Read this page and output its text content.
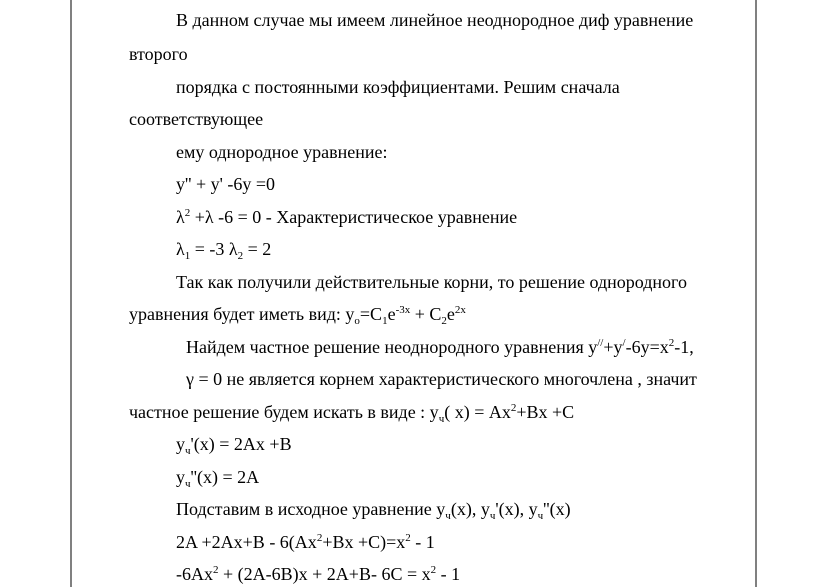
В данном случае мы имеем линейное неоднородное диф уравнение

второго

порядка с постоянными коэффициентами. Решим сначала

соответствующее

ему однородное уравнение:

y'' + y' -6y =0

$\lambda^2 +\lambda$ -6 = 0 - Характеристическое уравнение

$\lambda_1 = -3$ $\lambda_2 = 2$

Так как получили действительные корни, то решение однородного

уравнения будет иметь вид: $y_o=C_1e^{-3x} + C_2e^{2x}$

Найдем частное решение неоднородного уравнения $y^{//}+y^/-6y=x^2-1$,

γ = 0 не является корнем характеристического многочлена , значит

частное решение будем искать в виде : $y_ч$( $x) = Ax^2+Bx +C$

$y_ч'(x) = 2Ax +B$

$y_ч''(x) = 2A$

Подставим в исходное уравнение $y_ч(x)$, $y_ч'(x)$, $y_ч''(x)$

$2A +2Ax+B - 6(Ax^2+Bx +C)=x^2 - 1$

$-6Ax^2 + (2A-6B)x + 2A+B-$ $6C = x^2 - 1$
